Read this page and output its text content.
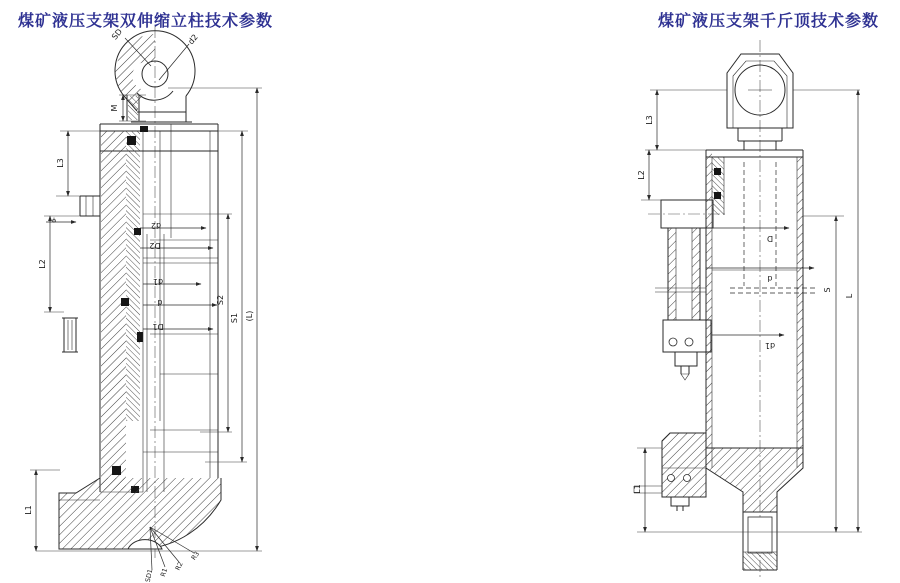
煤矿液压支架双伸缩立柱技术参数	煤矿液压支架千斤顶技术参数
SD	d2
M
φ
SD1 R1
R2
R3
L3
L2
L1
d2
D2
d1
d
D1
S2
S1 (L)
L3
L2
L1
S
L
D
d
d1
